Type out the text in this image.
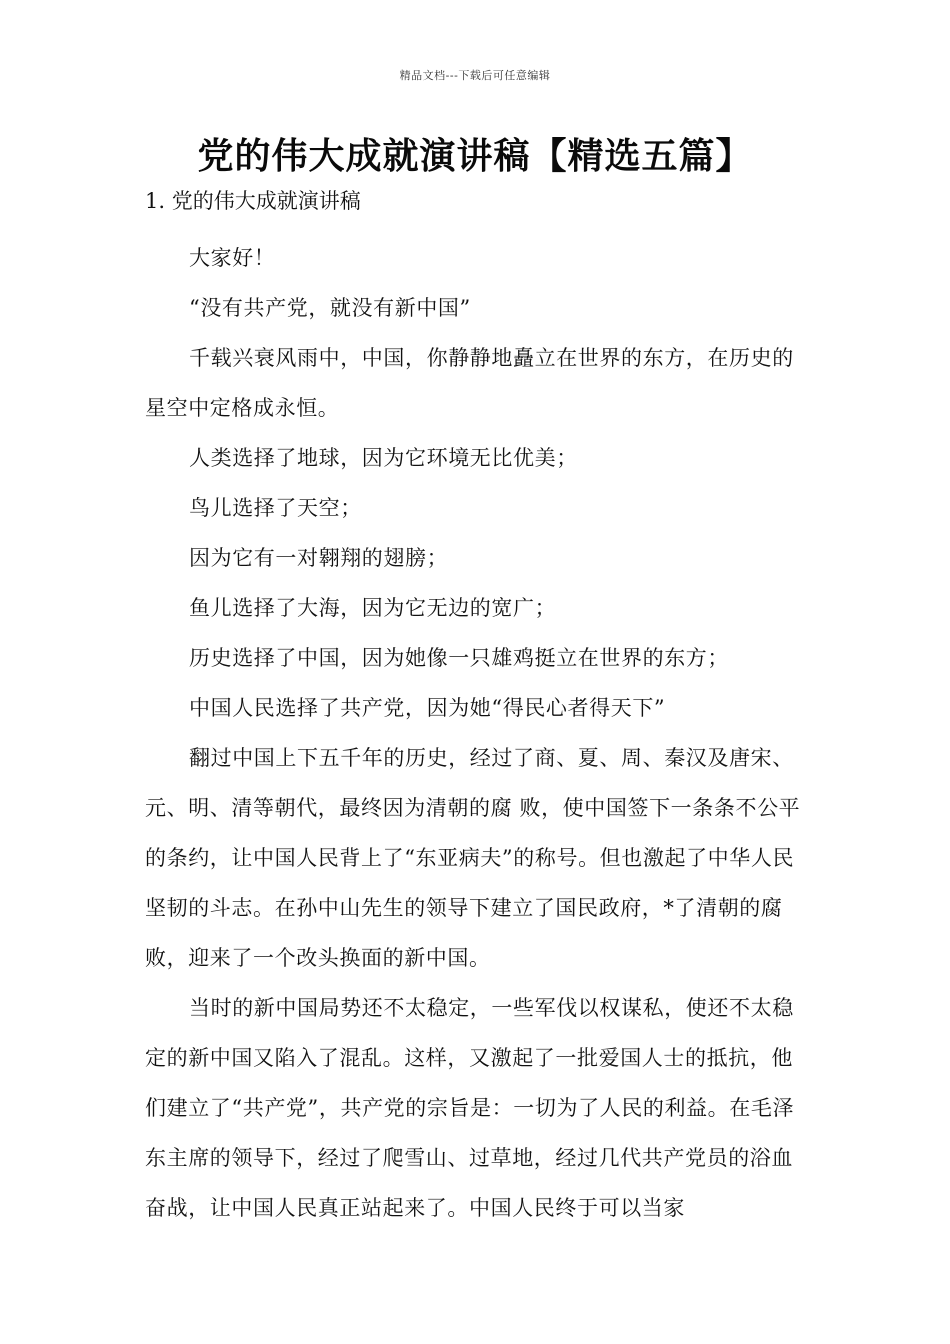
精品文档---下载后可任意编辑
党的伟大成就演讲稿【精选五篇】
1. 党的伟大成就演讲稿

大家好！

“没有共产党，就没有新中国”

千载兴衰风雨中，中国，你静静地矗立在世界的东方，在历史的星空中定格成永恒。

人类选择了地球，因为它环境无比优美；

鸟儿选择了天空；

因为它有一对翱翔的翅膀；

鱼儿选择了大海，因为它无边的宽广；

历史选择了中国，因为她像一只雄鸡挺立在世界的东方；

中国人民选择了共产党，因为她“得民心者得天下”

翻过中国上下五千年的历史，经过了商、夏、周、秦汉及唐宋、元、明、清等朝代，最终因为清朝的腐 败，使中国签下一条条不公平的条约，让中国人民背上了“东亚病夫”的称号。但也激起了中华人民坚韧的斗志。在孙中山先生的领导下建立了国民政府，*了清朝的腐 败，迎来了一个改头换面的新中国。

当时的新中国局势还不太稳定，一些军伐以权谋私，使还不太稳定的新中国又陷入了混乱。这样，又激起了一批爱国人士的抵抗，他们建立了“共产党”，共产党的宗旨是：一切为了人民的利益。在毛泽东主席的领导下，经过了爬雪山、过草地，经过几代共产党员的浴血奋战，让中国人民真正站起来了。中国人民终于可以当家
